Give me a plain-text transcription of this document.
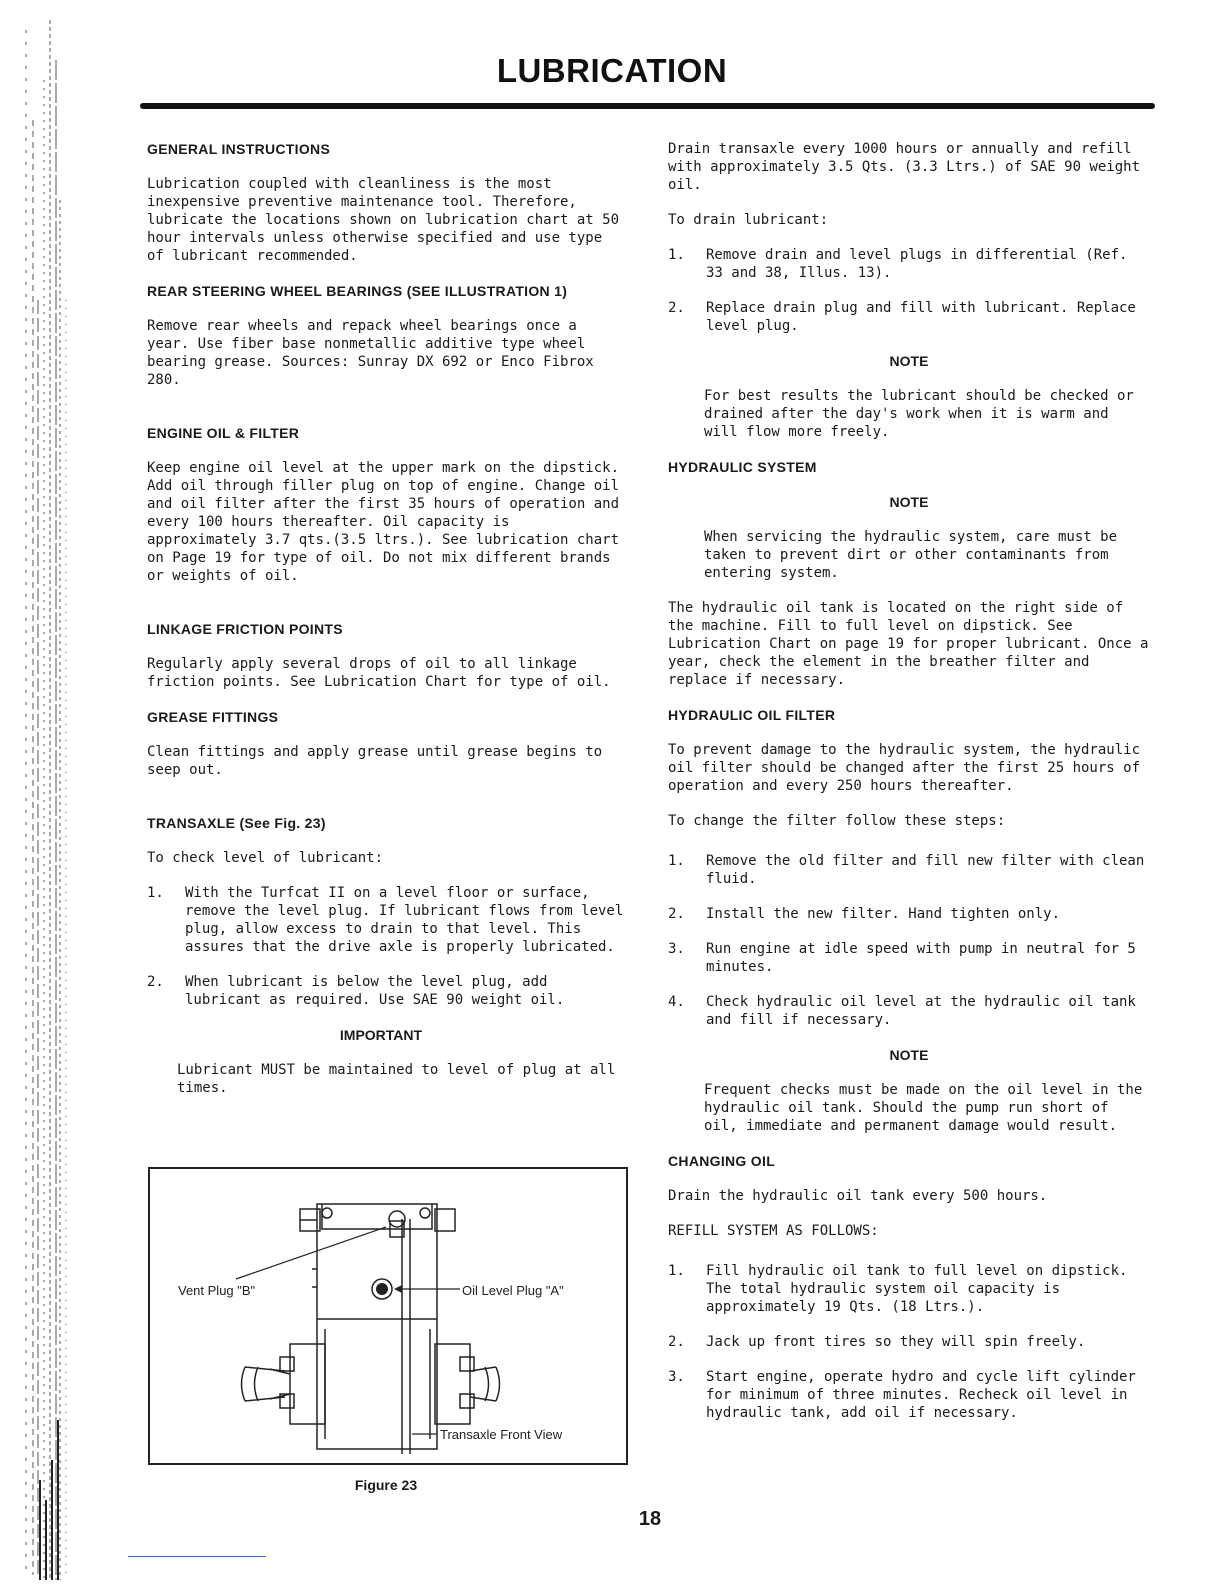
LUBRICATION
GENERAL INSTRUCTIONS

Lubrication coupled with cleanliness is the most inexpensive preventive maintenance tool. Therefore, lubricate the locations shown on lubrication chart at 50 hour intervals unless otherwise specified and use type of lubricant recommended.

REAR STEERING WHEEL BEARINGS (SEE ILLUSTRATION 1)

Remove rear wheels and repack wheel bearings once a year. Use fiber base nonmetallic additive type wheel bearing grease. Sources: Sunray DX 692 or Enco Fibrox 280.

ENGINE OIL & FILTER

Keep engine oil level at the upper mark on the dipstick. Add oil through filler plug on top of engine. Change oil and oil filter after the first 35 hours of operation and every 100 hours thereafter. Oil capacity is approximately 3.7 qts.(3.5 ltrs.). See lubrication chart on Page 19 for type of oil. Do not mix different brands or weights of oil.

LINKAGE FRICTION POINTS

Regularly apply several drops of oil to all linkage friction points. See Lubrication Chart for type of oil.

GREASE FITTINGS

Clean fittings and apply grease until grease begins to seep out.

TRANSAXLE (See Fig. 23)

To check level of lubricant:

1.	With the Turfcat II on a level floor or surface, remove the level plug. If lubricant flows from level plug, allow excess to drain to that level. This assures that the drive axle is properly lubricated.
2.	When lubricant is below the level plug, add lubricant as required. Use SAE 90 weight oil.
IMPORTANT

Lubricant MUST be maintained to level of plug at all times.

Vent Plug "B"	Oil Level Plug "A"
Transaxle Front View
Figure 23

Drain transaxle every 1000 hours or annually and refill with approximately 3.5 Qts. (3.3 Ltrs.) of SAE 90 weight oil.

To drain lubricant:

1.	Remove drain and level plugs in differential (Ref. 33 and 38, Illus. 13).
2.	Replace drain plug and fill with lubricant. Replace level plug.
NOTE

For best results the lubricant should be checked or drained after the day's work when it is warm and will flow more freely.

HYDRAULIC SYSTEM
NOTE

When servicing the hydraulic system, care must be taken to prevent dirt or other contaminants from entering system.

The hydraulic oil tank is located on the right side of the machine. Fill to full level on dipstick. See Lubrication Chart on page 19 for proper lubricant. Once a year, check the element in the breather filter and replace if necessary.

HYDRAULIC OIL FILTER

To prevent damage to the hydraulic system, the hydraulic oil filter should be changed after the first 25 hours of operation and every 250 hours thereafter.

To change the filter follow these steps:

1.	Remove the old filter and fill new filter with clean fluid.
2.	Install the new filter. Hand tighten only.
3.	Run engine at idle speed with pump in neutral for 5 minutes.
4.	Check hydraulic oil level at the hydraulic oil tank and fill if necessary.
NOTE

Frequent checks must be made on the oil level in the hydraulic oil tank. Should the pump run short of oil, immediate and permanent damage would result.

CHANGING OIL

Drain the hydraulic oil tank every 500 hours.

REFILL SYSTEM AS FOLLOWS:

1.	Fill hydraulic oil tank to full level on dipstick. The total hydraulic system oil capacity is approximately 19 Qts. (18 Ltrs.).
2.	Jack up front tires so they will spin freely.
3.	Start engine, operate hydro and cycle lift cylinder for minimum of three minutes. Recheck oil level in hydraulic tank, add oil if necessary.
18
